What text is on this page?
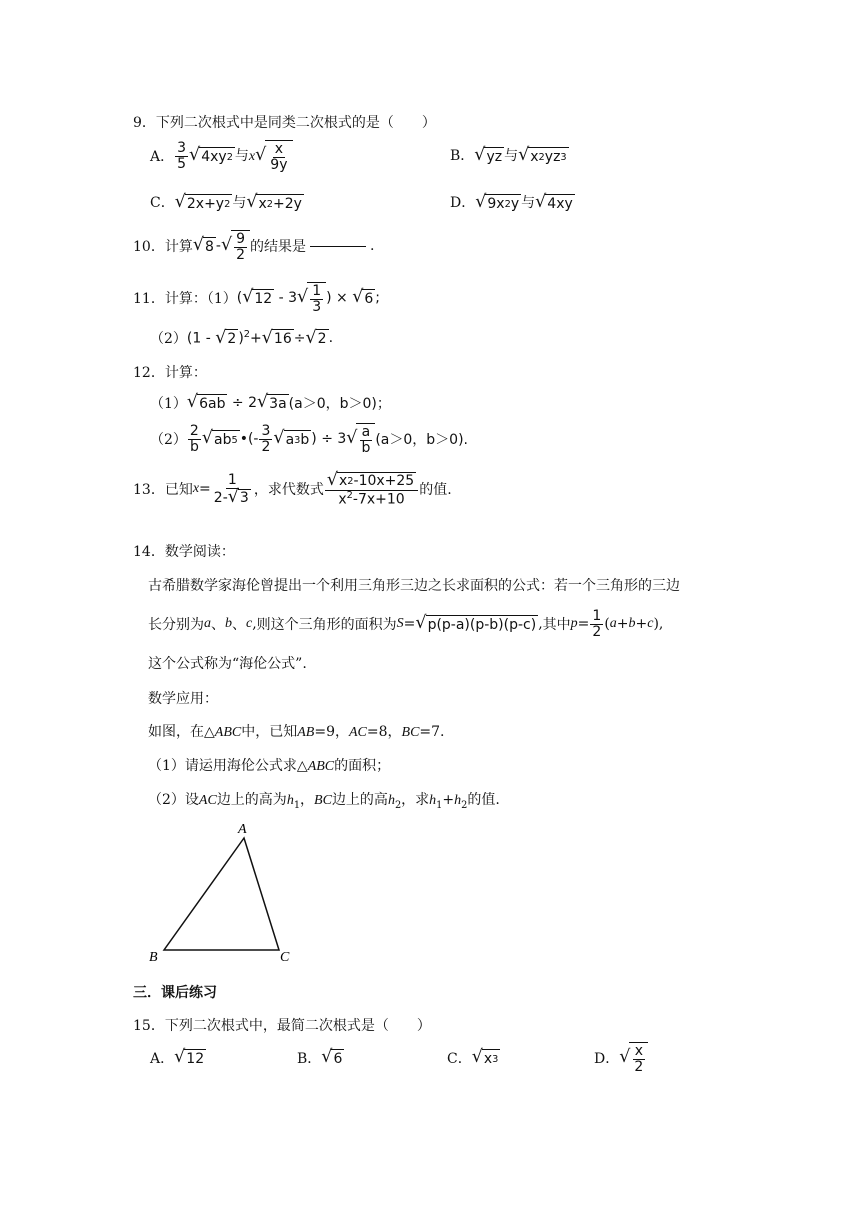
9．下列二次根式中是同类二次根式的是（　　）
A． $\frac{3}{5}$ √ 4xy 2 与x √ x
9y
B． √ yz 与 √ x 2 yz 3
C． √ 2x+y 2 与 √ x 2 +2y	D． √ 9x 2 y 与 √ 4xy
10．计算 √ 8 - √ 9
2 的结果是	.
11．计算：（1） ( √ 12 - 3 √ 1
3
) × √ 6 ;
（2） (1 - √ 2 )$^2$+ √ 16 ÷ √ 2 .
12．计算：
（1） √ 6ab ÷ 2 √ 3a (a＞0，b＞0)；
$(2) \frac{2}{b}$ √ ab 5 •(- $\frac{3}{2}$ √ a 3 b ) ÷ 3 √ a
b (a＞0，b＞0).
13．已知 $x = \frac{1}{2- √ 3}$ ，求代数式 $\frac{√ x 2 -10x+25}{x^2-7x+10}$ 的值.
14．数学阅读：
古希腊数学家海伦曾提出一个利用三角形三边之长求面积的公式：若一个三角形的三边
长分别为 a 、 b 、 c , 则这个三角形的面积为 S = √ p(p-a)(p-b)(p-c) , 其中 $p = \frac{1}{2}$ ( a + b + c ),
这个公式称为“海伦公式”.
数学应用：
如图，在△ABC中，已知AB=9，AC=8，BC=7.
（1）请运用海伦公式求△ABC的面积；
（2）设AC边上的高为$h_1$，BC边上的高$h_2$，求$h_1+h_2$的值.
A
B	C
三．课后练习
15．下列二次根式中，最简二次根式是（　　）
A． √ 12	B． √ 6	C． √ x 3	D． √ x
2
